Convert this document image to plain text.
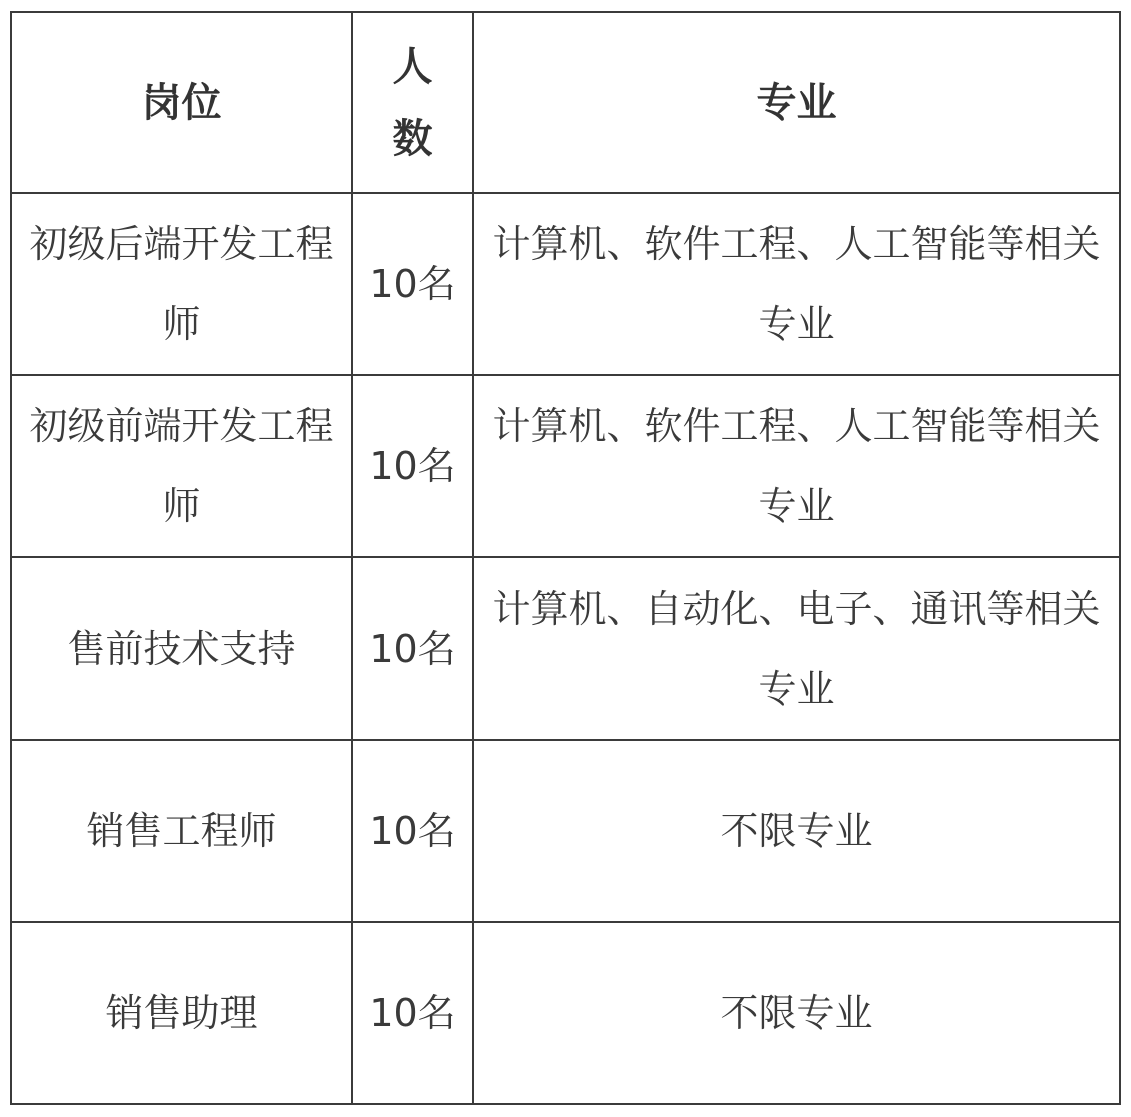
岗位	人数	专业
初级后端开发工程师	10名	计算机、软件工程、人工智能等相关专业
初级前端开发工程师	10名	计算机、软件工程、人工智能等相关专业
售前技术支持	10名	计算机、自动化、电子、通讯等相关专业
销售工程师	10名	不限专业
销售助理	10名	不限专业
